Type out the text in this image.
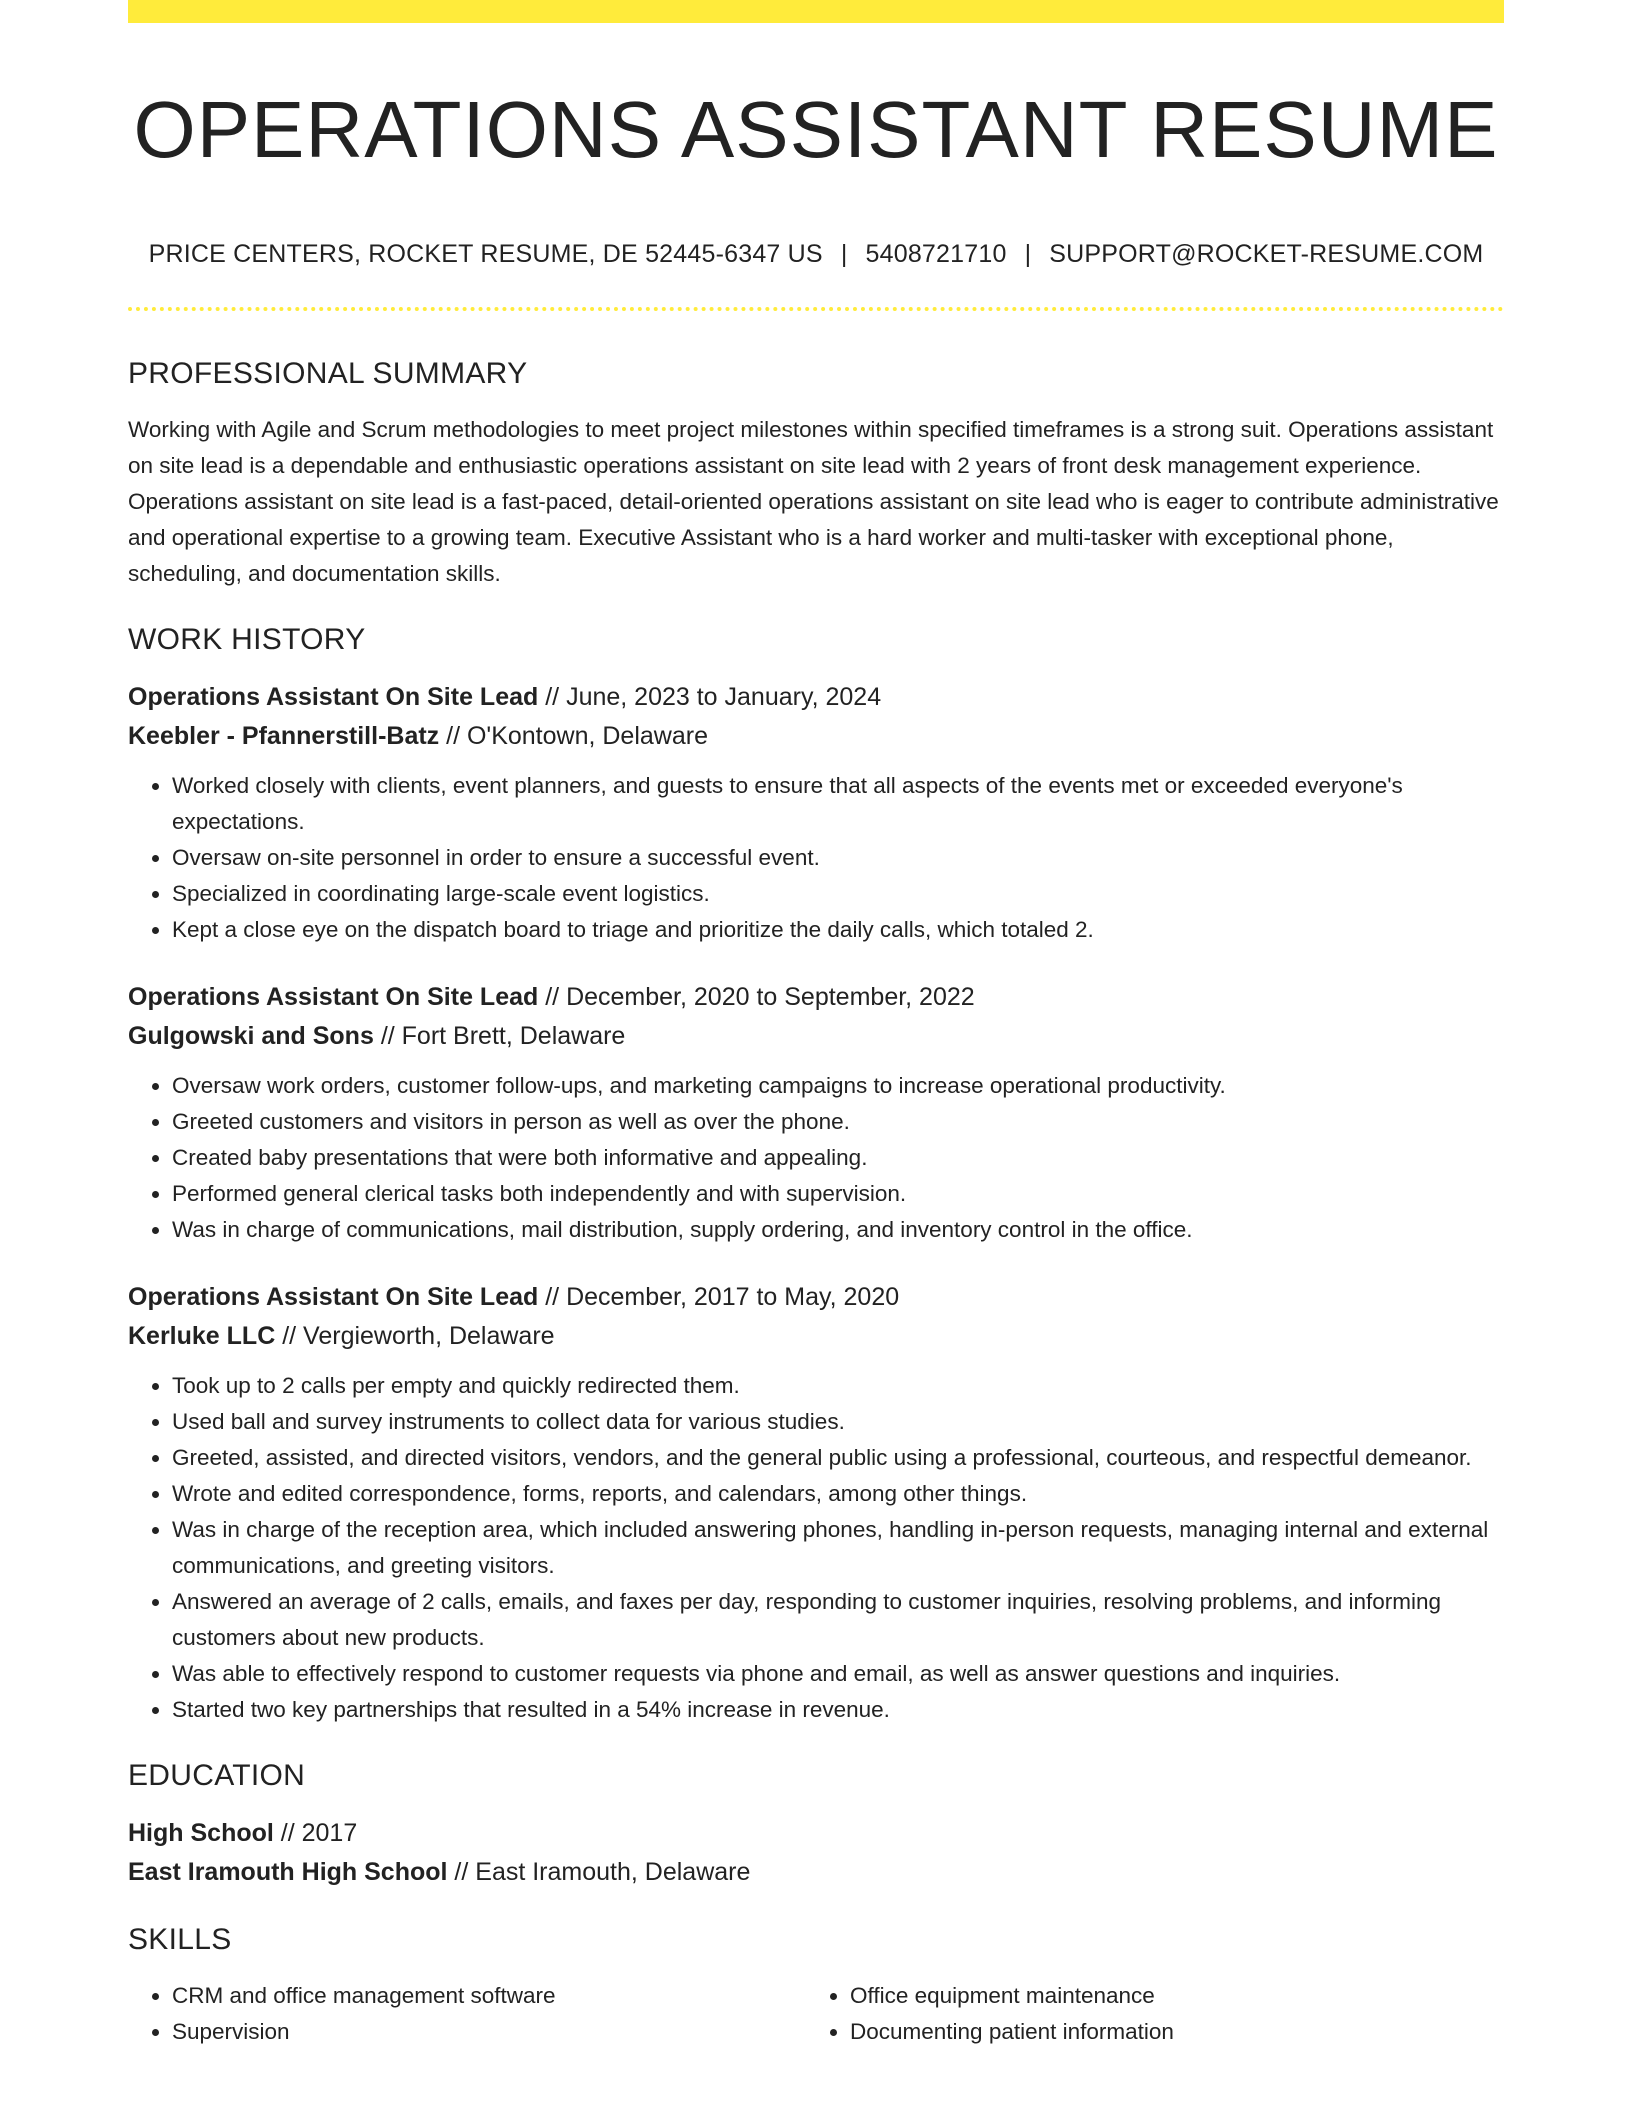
OPERATIONS ASSISTANT RESUME
PRICE CENTERS, ROCKET RESUME, DE 52445-6347 US | 5408721710 | SUPPORT@ROCKET-RESUME.COM
PROFESSIONAL SUMMARY

Working with Agile and Scrum methodologies to meet project milestones within specified timeframes is a strong suit. Operations assistant on site lead is a dependable and enthusiastic operations assistant on site lead with 2 years of front desk management experience. Operations assistant on site lead is a fast-paced, detail-oriented operations assistant on site lead who is eager to contribute administrative and operational expertise to a growing team. Executive Assistant who is a hard worker and multi-tasker with exceptional phone, scheduling, and documentation skills.

WORK HISTORY

Operations Assistant On Site Lead // June, 2023 to January, 2024

Keebler - Pfannerstill-Batz // O'Kontown, Delaware

• Worked closely with clients, event planners, and guests to ensure that all aspects of the events met or exceeded everyone's expectations.
• Oversaw on-site personnel in order to ensure a successful event.
• Specialized in coordinating large-scale event logistics.
• Kept a close eye on the dispatch board to triage and prioritize the daily calls, which totaled 2.

Operations Assistant On Site Lead // December, 2020 to September, 2022

Gulgowski and Sons // Fort Brett, Delaware

• Oversaw work orders, customer follow-ups, and marketing campaigns to increase operational productivity.
• Greeted customers and visitors in person as well as over the phone.
• Created baby presentations that were both informative and appealing.
• Performed general clerical tasks both independently and with supervision.
• Was in charge of communications, mail distribution, supply ordering, and inventory control in the office.

Operations Assistant On Site Lead // December, 2017 to May, 2020

Kerluke LLC // Vergieworth, Delaware

• Took up to 2 calls per empty and quickly redirected them.
• Used ball and survey instruments to collect data for various studies.
• Greeted, assisted, and directed visitors, vendors, and the general public using a professional, courteous, and respectful demeanor.
• Wrote and edited correspondence, forms, reports, and calendars, among other things.
• Was in charge of the reception area, which included answering phones, handling in-person requests, managing internal and external communications, and greeting visitors.
• Answered an average of 2 calls, emails, and faxes per day, responding to customer inquiries, resolving problems, and informing customers about new products.
• Was able to effectively respond to customer requests via phone and email, as well as answer questions and inquiries.
• Started two key partnerships that resulted in a 54% increase in revenue.
EDUCATION

High School // 2017

East Iramouth High School // East Iramouth, Delaware

SKILLS
• CRM and office management software
• Supervision
• Office equipment maintenance
• Documenting patient information
